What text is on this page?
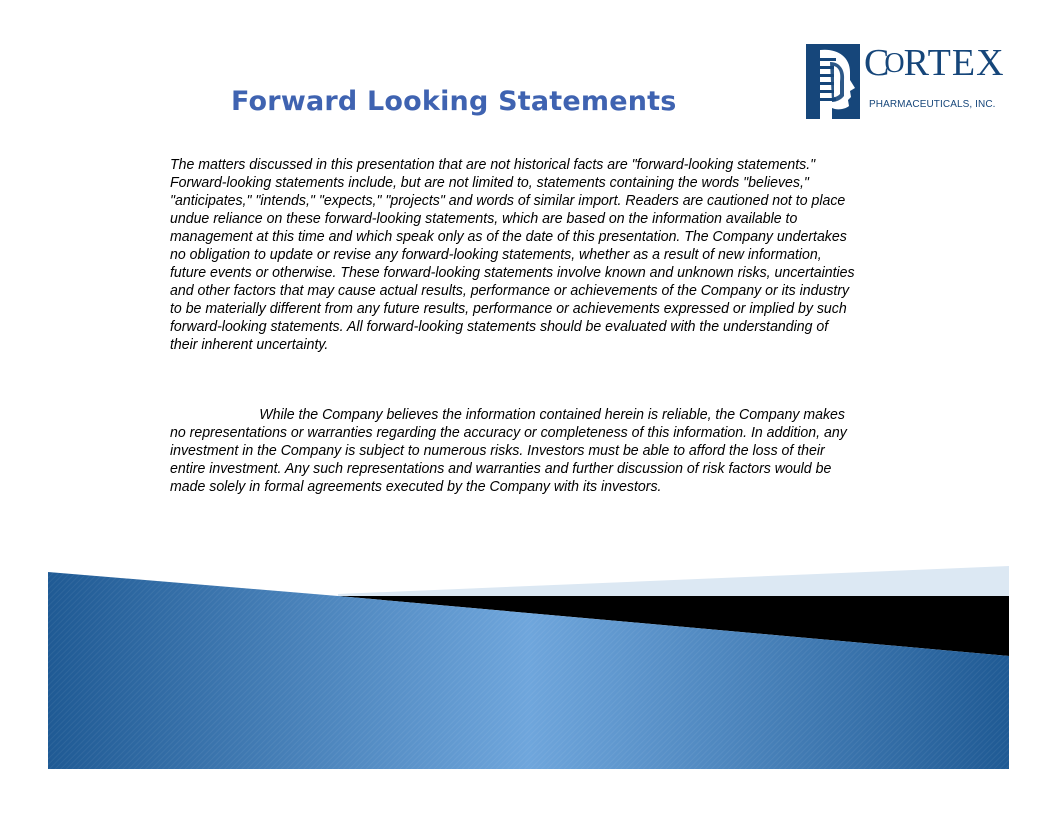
Forward Looking Statements
CORTEX
PHARMACEUTICALS, INC.

The matters discussed in this presentation that are not historical facts are "forward-looking statements." Forward-looking statements include, but are not limited to, statements containing the words "believes," "anticipates," "intends," "expects," "projects" and words of similar import. Readers are cautioned not to place undue reliance on these forward-looking statements, which are based on the information available to management at this time and which speak only as of the date of this presentation. The Company undertakes no obligation to update or revise any forward-looking statements, whether as a result of new information, future events or otherwise. These forward-looking statements involve known and unknown risks, uncertainties and other factors that may cause actual results, performance or achievements of the Company or its industry to be materially different from any future results, performance or achievements expressed or implied by such forward-looking statements. All forward-looking statements should be evaluated with the understanding of their inherent uncertainty.

While the Company believes the information contained herein is reliable, the Company makes no representations or warranties regarding the accuracy or completeness of this information. In addition, any investment in the Company is subject to numerous risks. Investors must be able to afford the loss of their entire investment. Any such representations and warranties and further discussion of risk factors would be made solely in formal agreements executed by the Company with its investors.
